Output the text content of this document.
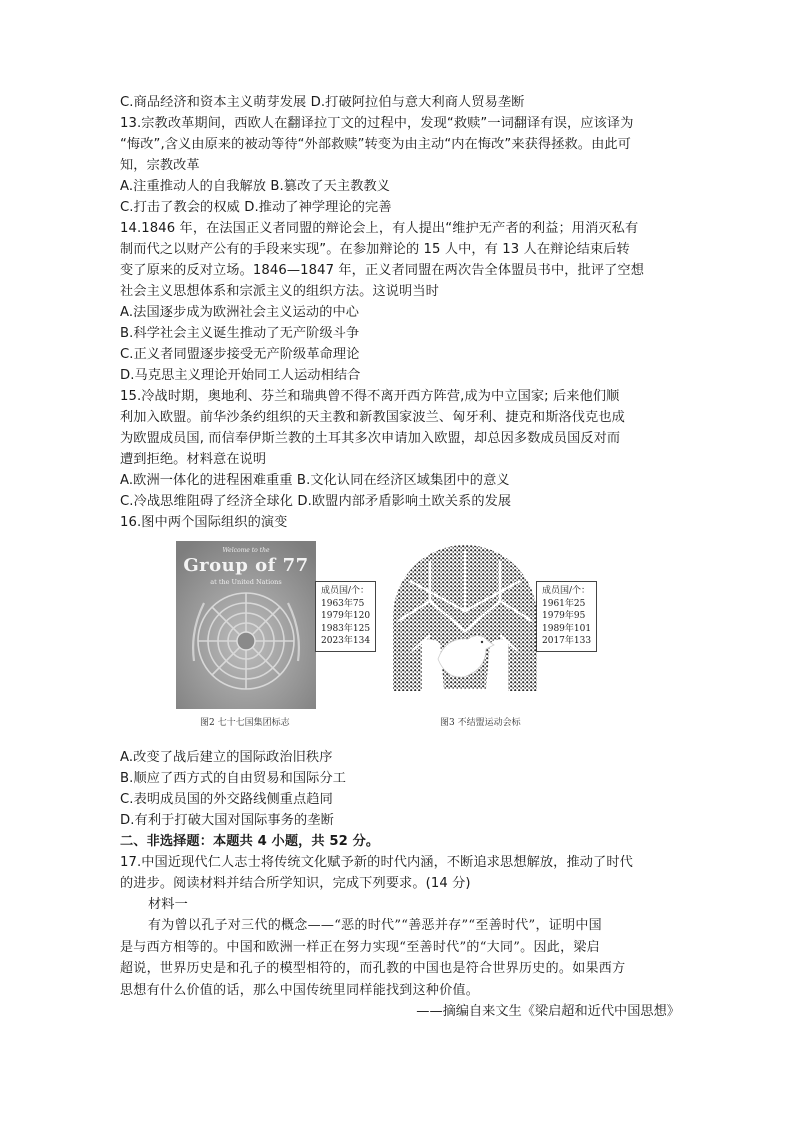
C.商品经济和资本主义萌芽发展 D.打破阿拉伯与意大利商人贸易垄断
13.宗教改革期间，西欧人在翻译拉丁文的过程中，发现“救赎”一词翻译有误，应该译为
“悔改”,含义由原来的被动等待“外部救赎”转变为由主动“内在悔改”来获得拯救。由此可
知，宗教改革
A.注重推动人的自我解放 B.篡改了天主教教义
C.打击了教会的权威 D.推动了神学理论的完善
14.1846 年，在法国正义者同盟的辩论会上，有人提出“维护无产者的利益；用消灭私有
制而代之以财产公有的手段来实现”。在参加辩论的 15 人中，有 13 人在辩论结束后转
变了原来的反对立场。1846—1847 年，正义者同盟在两次告全体盟员书中，批评了空想
社会主义思想体系和宗派主义的组织方法。这说明当时
A.法国逐步成为欧洲社会主义运动的中心
B.科学社会主义诞生推动了无产阶级斗争
C.正义者同盟逐步接受无产阶级革命理论
D.马克思主义理论开始同工人运动相结合
15.冷战时期，奥地利、芬兰和瑞典曾不得不离开西方阵营,成为中立国家; 后来他们顺
利加入欧盟。前华沙条约组织的天主教和新教国家波兰、匈牙利、捷克和斯洛伐克也成
为欧盟成员国, 而信奉伊斯兰教的土耳其多次申请加入欧盟，却总因多数成员国反对而
遭到拒绝。材料意在说明
A.欧洲一体化的进程困难重重 B.文化认同在经济区域集团中的意义
C.冷战思维阻碍了经济全球化 D.欧盟内部矛盾影响土欧关系的发展
16.图中两个国际组织的演变
Welcome to the
Group of 77
at the United Nations
成员国/个：
1963年75
1979年120
1983年125
2023年134
图2 七十七国集团标志
成员国/个：
1961年25
1979年95
1989年101
2017年133
图3 不结盟运动会标
A.改变了战后建立的国际政治旧秩序
B.顺应了西方式的自由贸易和国际分工
C.表明成员国的外交路线侧重点趋同
D.有利于打破大国对国际事务的垄断
二、非选择题：本题共 4 小题，共 52 分。
17.中国近现代仁人志士将传统文化赋予新的时代内涵，不断追求思想解放，推动了时代
的进步。阅读材料并结合所学知识，完成下列要求。(14 分)
材料一
有为曾以孔子对三代的概念——“恶的时代”“善恶并存”“至善时代”，证明中国
是与西方相等的。中国和欧洲一样正在努力实现“至善时代”的“大同”。因此，梁启
超说，世界历史是和孔子的模型相符的，而孔教的中国也是符合世界历史的。如果西方
思想有什么价值的话，那么中国传统里同样能找到这种价值。
——摘编自来文生《梁启超和近代中国思想》
